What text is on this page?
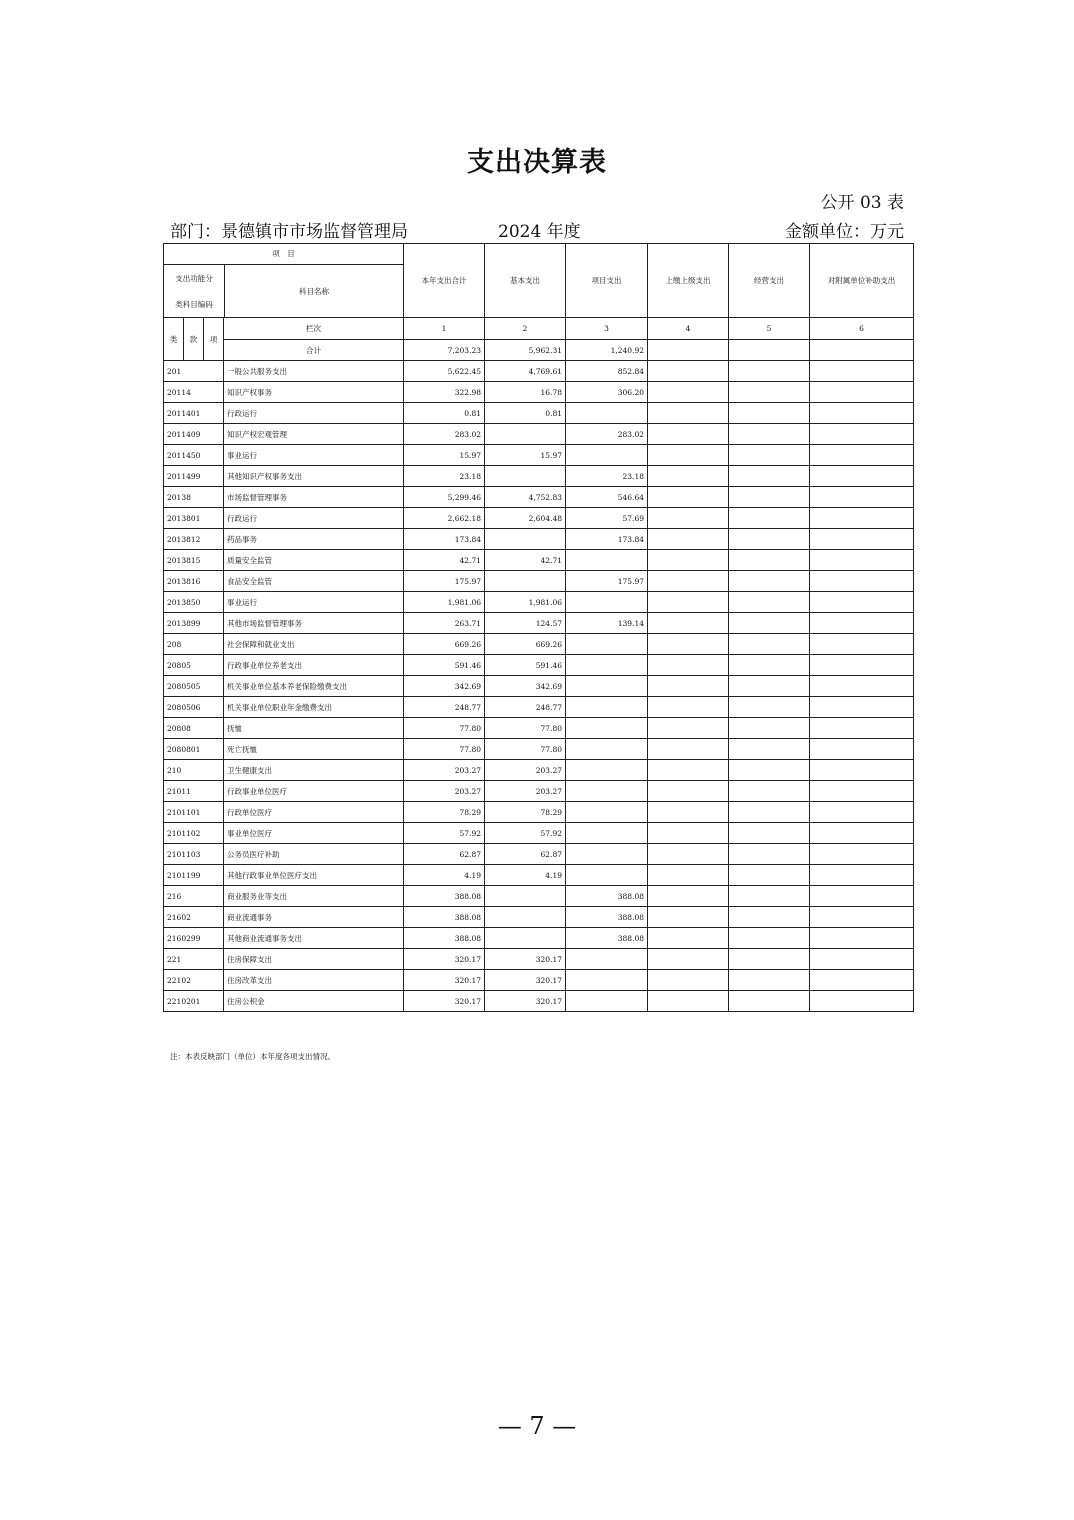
支出决算表
公开 03 表
部门：景德镇市市场监督管理局	2024 年度	金额单位：万元
项　目
支出功能分
类科目编码
科目名称				本年支出合计	基本支出	项目支出	上缴上级支出	经营支出	对附属单位补助支出
类	款	项	栏次	1	2	3	4	5	6
			合计	7,203.23	5,962.31	1,240.92			
201			一般公共服务支出	5,622.45	4,769.61	852.84			
20114			知识产权事务	322.98	16.78	306.20			
2011401			行政运行	0.81	0.81				
2011409			知识产权宏观管理	283.02		283.02			
2011450			事业运行	15.97	15.97				
2011499			其他知识产权事务支出	23.18		23.18			
20138			市场监督管理事务	5,299.46	4,752.83	546.64			
2013801			行政运行	2,662.18	2,604.48	57.69			
2013812			药品事务	173.84		173.84			
2013815			质量安全监管	42.71	42.71				
2013816			食品安全监管	175.97		175.97			
2013850			事业运行	1,981.06	1,981.06				
2013899			其他市场监督管理事务	263.71	124.57	139.14			
208			社会保障和就业支出	669.26	669.26				
20805			行政事业单位养老支出	591.46	591.46				
2080505			机关事业单位基本养老保险缴费支出	342.69	342.69				
2080506			机关事业单位职业年金缴费支出	248.77	248.77				
20808			抚恤	77.80	77.80				
2080801			死亡抚恤	77.80	77.80				
210			卫生健康支出	203.27	203.27				
21011			行政事业单位医疗	203.27	203.27				
2101101			行政单位医疗	78.29	78.29				
2101102			事业单位医疗	57.92	57.92				
2101103			公务员医疗补助	62.87	62.87				
2101199			其他行政事业单位医疗支出	4.19	4.19				
216			商业服务业等支出	388.08		388.08			
21602			商业流通事务	388.08		388.08			
2160299			其他商业流通事务支出	388.08		388.08			
221			住房保障支出	320.17	320.17				
22102			住房改革支出	320.17	320.17				
2210201			住房公积金	320.17	320.17				
注：本表反映部门（单位）本年度各项支出情况。
— 7 —
